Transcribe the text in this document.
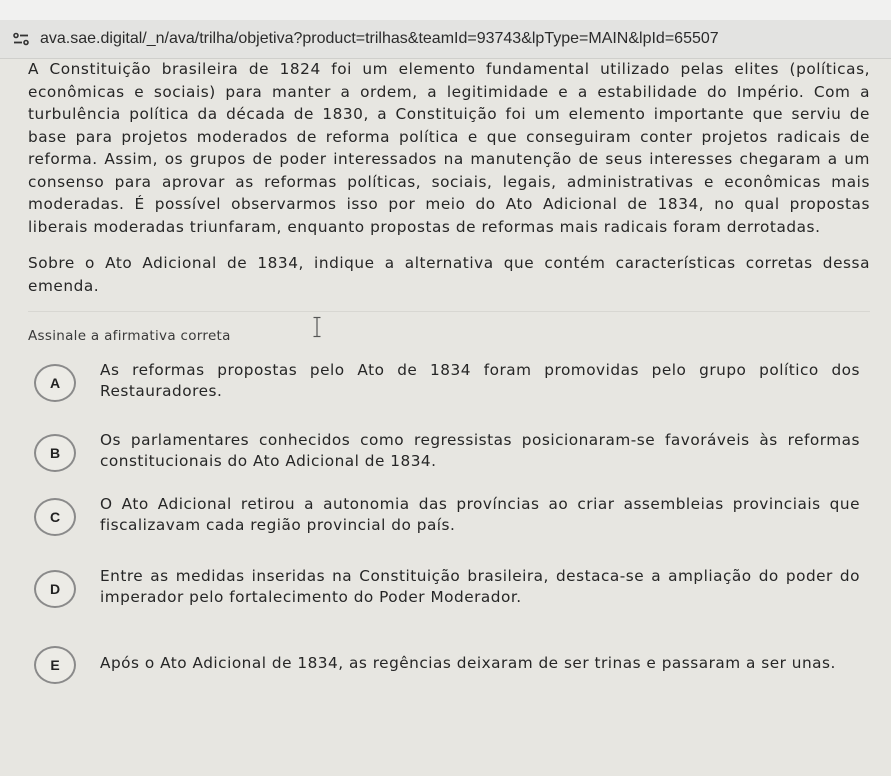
ava.sae.digital/_n/ava/trilha/objetiva?product=trilhas&teamId=93743&lpType=MAIN&lpId=65507

A Constituição brasileira de 1824 foi um elemento fundamental utilizado pelas elites (políticas, econômicas e sociais) para manter a ordem, a legitimidade e a estabilidade do Império. Com a turbulência política da década de 1830, a Constituição foi um elemento importante que serviu de base para projetos moderados de reforma política e que conseguiram conter projetos radicais de reforma. Assim, os grupos de poder interessados na manutenção de seus interesses chegaram a um consenso para aprovar as reformas políticas, sociais, legais, administrativas e econômicas mais moderadas. É possível observarmos isso por meio do Ato Adicional de 1834, no qual propostas liberais moderadas triunfaram, enquanto propostas de reformas mais radicais foram derrotadas.

Sobre o Ato Adicional de 1834, indique a alternativa que contém características corretas dessa emenda.
Assinale a afirmativa correta
A
As reformas propostas pelo Ato de 1834 foram promovidas pelo grupo político dos Restauradores.
B
Os parlamentares conhecidos como regressistas posicionaram-se favoráveis às reformas constitucionais do Ato Adicional de 1834.
C
O Ato Adicional retirou a autonomia das províncias ao criar assembleias provinciais que fiscalizavam cada região provincial do país.
D
Entre as medidas inseridas na Constituição brasileira, destaca-se a ampliação do poder do imperador pelo fortalecimento do Poder Moderador.
E	Após o Ato Adicional de 1834, as regências deixaram de ser trinas e passaram a ser unas.
